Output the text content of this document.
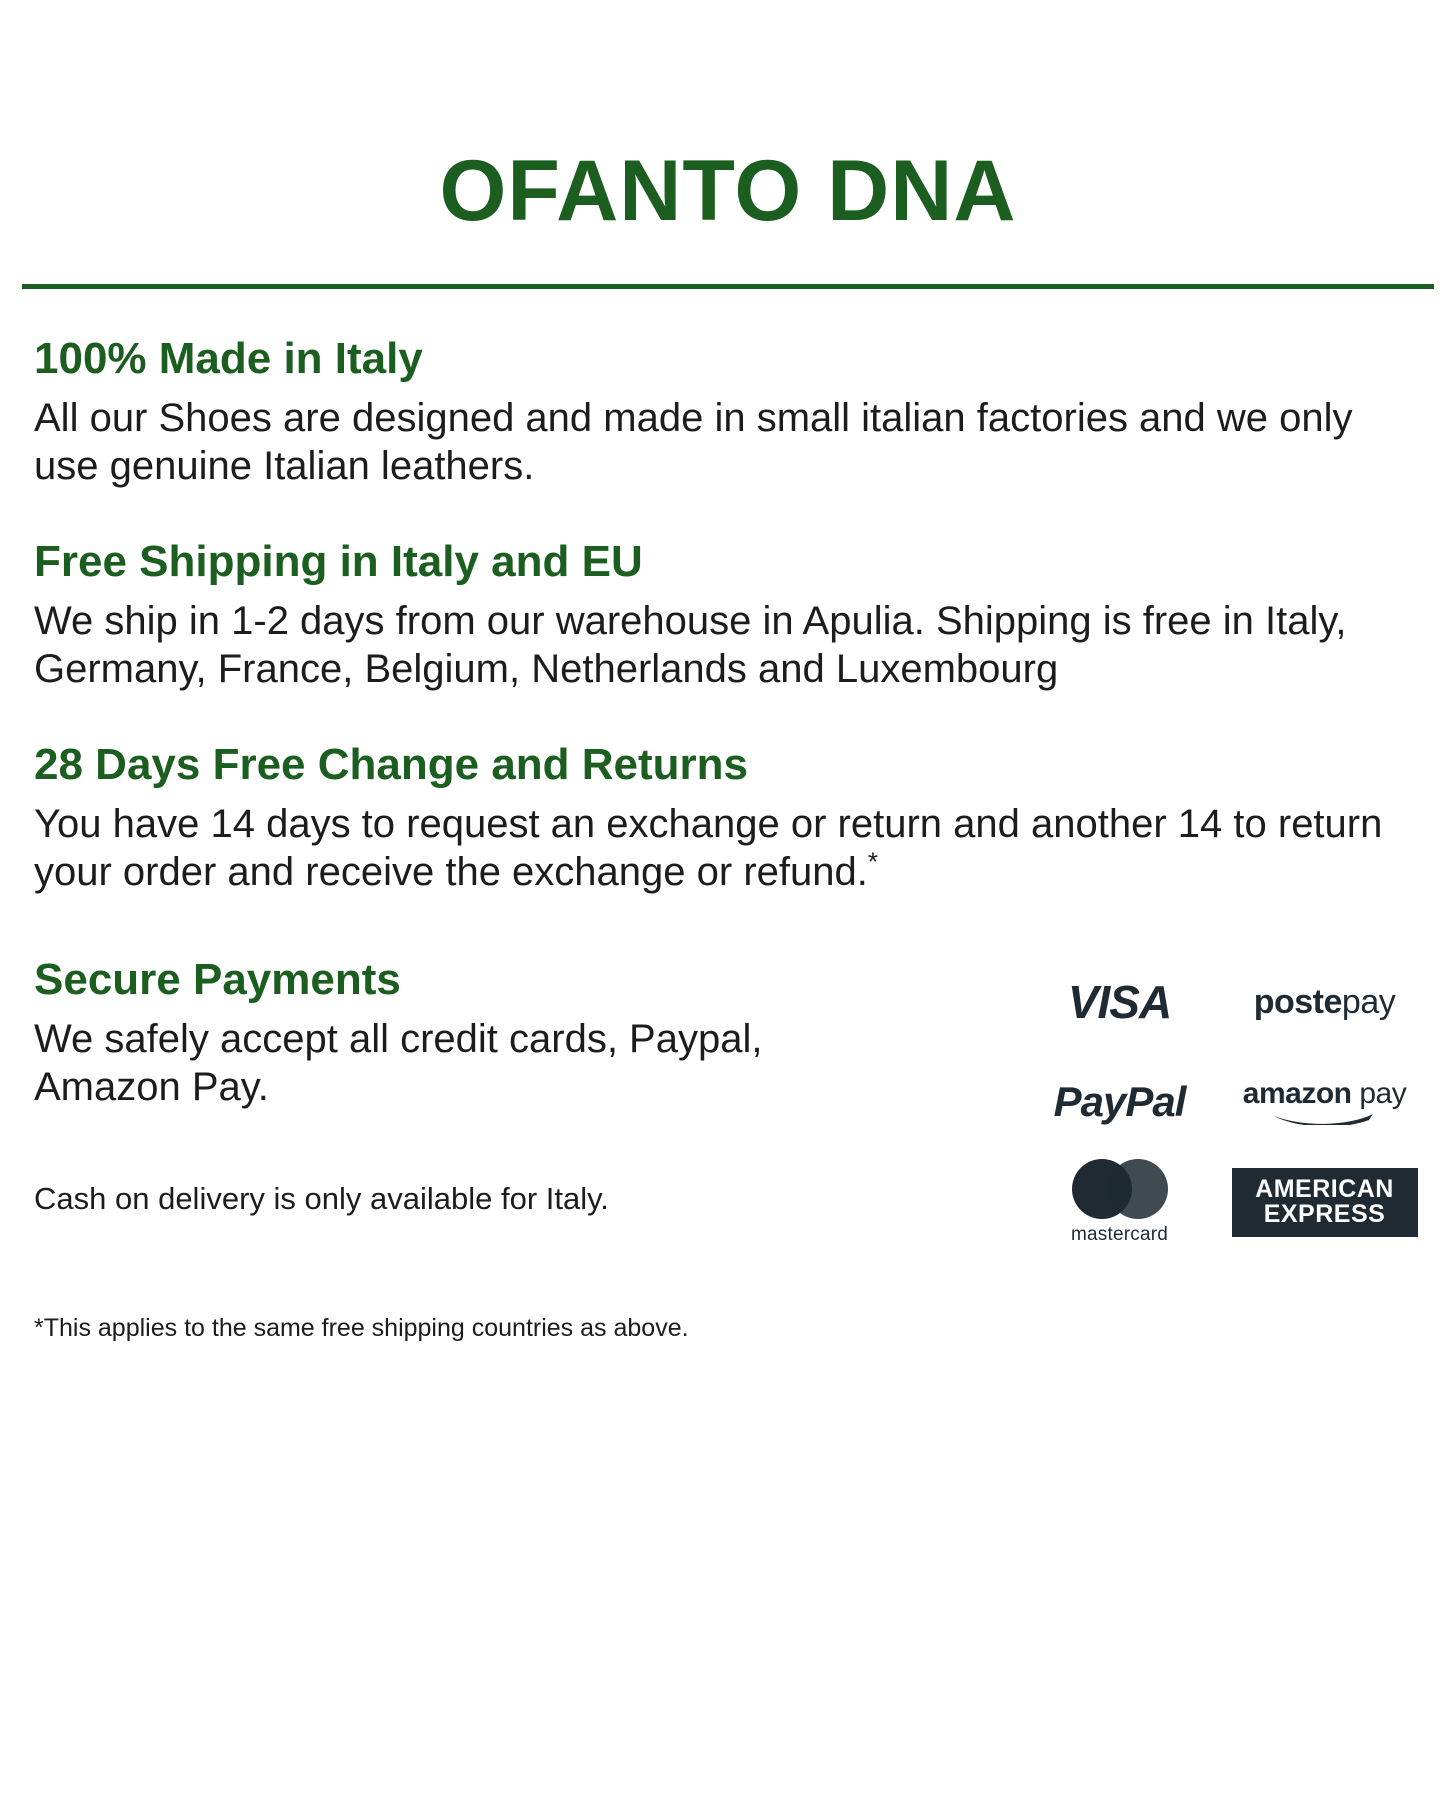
OFANTO DNA
100% Made in Italy

All our Shoes are designed and made in small italian factories and we only use genuine Italian leathers.

Free Shipping in Italy and EU

We ship in 1-2 days from our warehouse in Apulia. Shipping is free in Italy, Germany, France, Belgium, Netherlands and Luxembourg

28 Days Free Change and Returns

You have 14 days to request an exchange or return and another 14 to return your order and receive the exchange or refund.*

Secure Payments

We safely accept all credit cards, Paypal, Amazon Pay.

Cash on delivery is only available for Italy.

VISA postepay
PayPal amazon pay
mastercard
AMERICAN
EXPRESS

*This applies to the same free shipping countries as above.
